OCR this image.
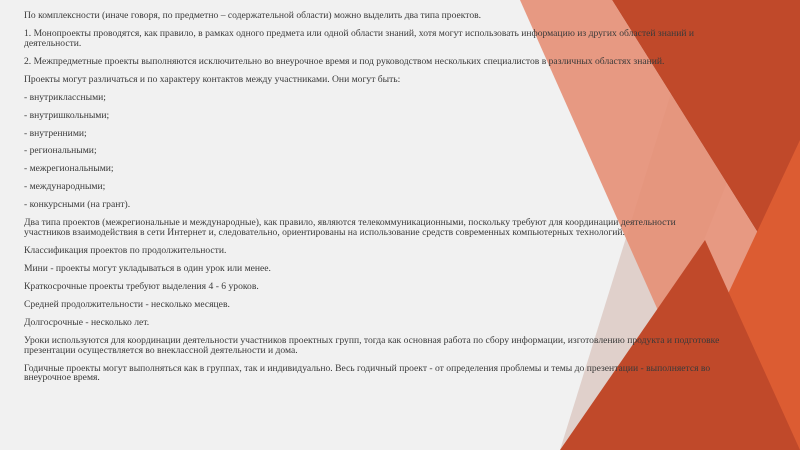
По комплексности (иначе говоря, по предметно – содержательной области) можно выделить два типа проектов.

1. Монопроекты проводятся, как правило, в рамках одного предмета или одной области знаний, хотя могут использовать информацию из других областей знаний и деятельности.

2. Межпредметные проекты выполняются исключительно во внеурочное время и под руководством нескольких специалистов в различных областях знаний.

Проекты могут различаться и по характеру контактов между участниками. Они могут быть:

- внутриклассными;

- внутришкольными;

- внутренними;

- региональными;

- межрегиональными;

- международными;

- конкурсными (на грант).

Два типа проектов (межрегиональные и международные), как правило, являются телекоммуникационными, поскольку требуют для координации деятельности участников взаимодействия в сети Интернет и, следовательно, ориентированы на использование средств современных компьютерных технологий.

Классификация проектов по продолжительности.

Мини - проекты могут укладываться в один урок или менее.

Краткосрочные проекты требуют выделения 4 - 6 уроков.

Средней продолжительности - несколько месяцев.

Долгосрочные - несколько лет.

Уроки используются для координации деятельности участников проектных групп, тогда как основная работа по сбору информации, изготовлению продукта и подготовке презентации осуществляется во внеклассной деятельности и дома.

Годичные проекты могут выполняться как в группах, так и индивидуально. Весь годичный проект - от определения проблемы и темы до презентации - выполняется во внеурочное время.
